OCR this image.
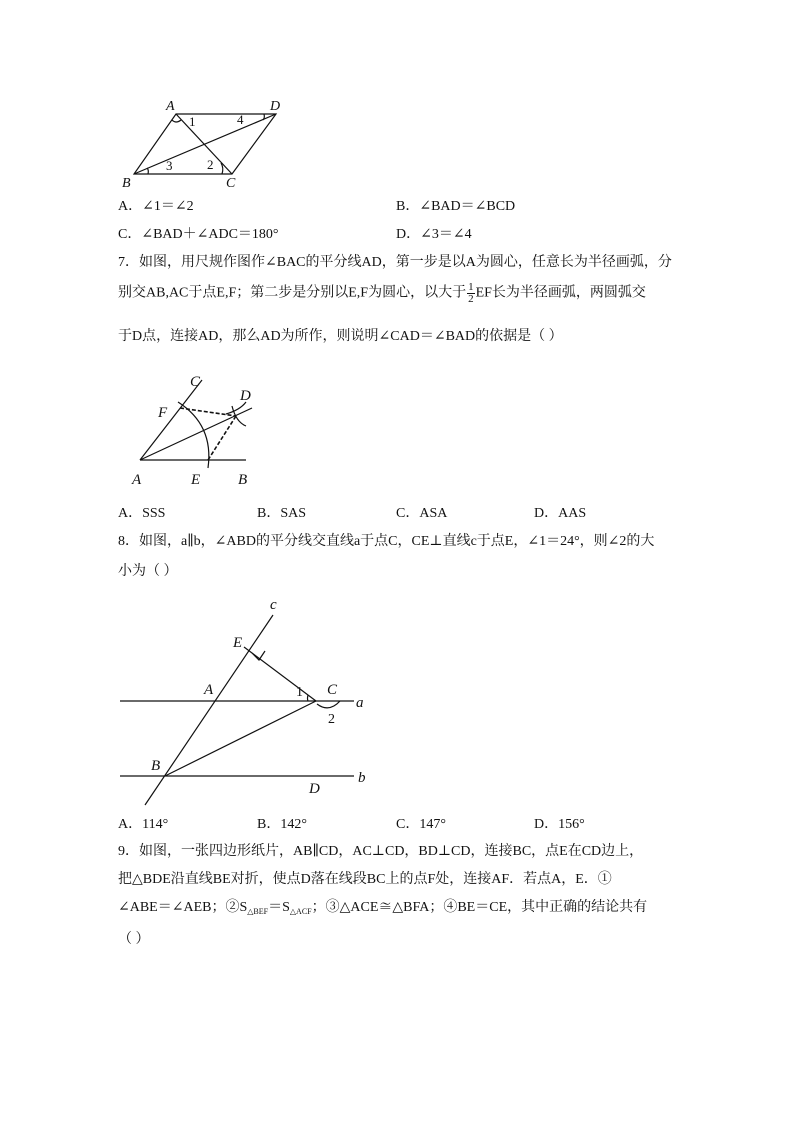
A	D
B	C
1	4
3	2
A．∠1＝∠2	B．∠BAD＝∠BCD
C．∠BAD＋∠ADC＝180°	D．∠3＝∠4
7．如图，用尺规作图作∠BAC的平分线AD，第一步是以A为圆心，任意长为半径画弧，分
别交AB,AC于点E,F；第二步是分别以E,F为圆心，以大于 $\frac{1}{2}$ EF长为半径画弧，两圆弧交
于D点，连接AD，那么AD为所作，则说明∠CAD＝∠BAD的依据是（ ）
C
D
F
A	E	B
A．SSS	B．SAS	C．ASA	D．AAS
8．如图，a∥b，∠ABD的平分线交直线a于点C，CE⊥直线c于点E，∠1＝24°，则∠2的大
小为（ ）
c
E
A	C
a
B
D
b
1
2
A．114°	B．142°	C．147°	D．156°
9．如图，一张四边形纸片，AB∥CD，AC⊥CD，BD⊥CD，连接BC，点E在CD边上，
把△BDE沿直线BE对折，使点D落在线段BC上的点F处，连接AF．若点A，E．①
∠ABE＝∠AEB；$②S_{\triangle BEF}=S_{\triangle ACF}$；③△ACE≅△BFA；④BE＝CE，其中正确的结论共有
（ ）
